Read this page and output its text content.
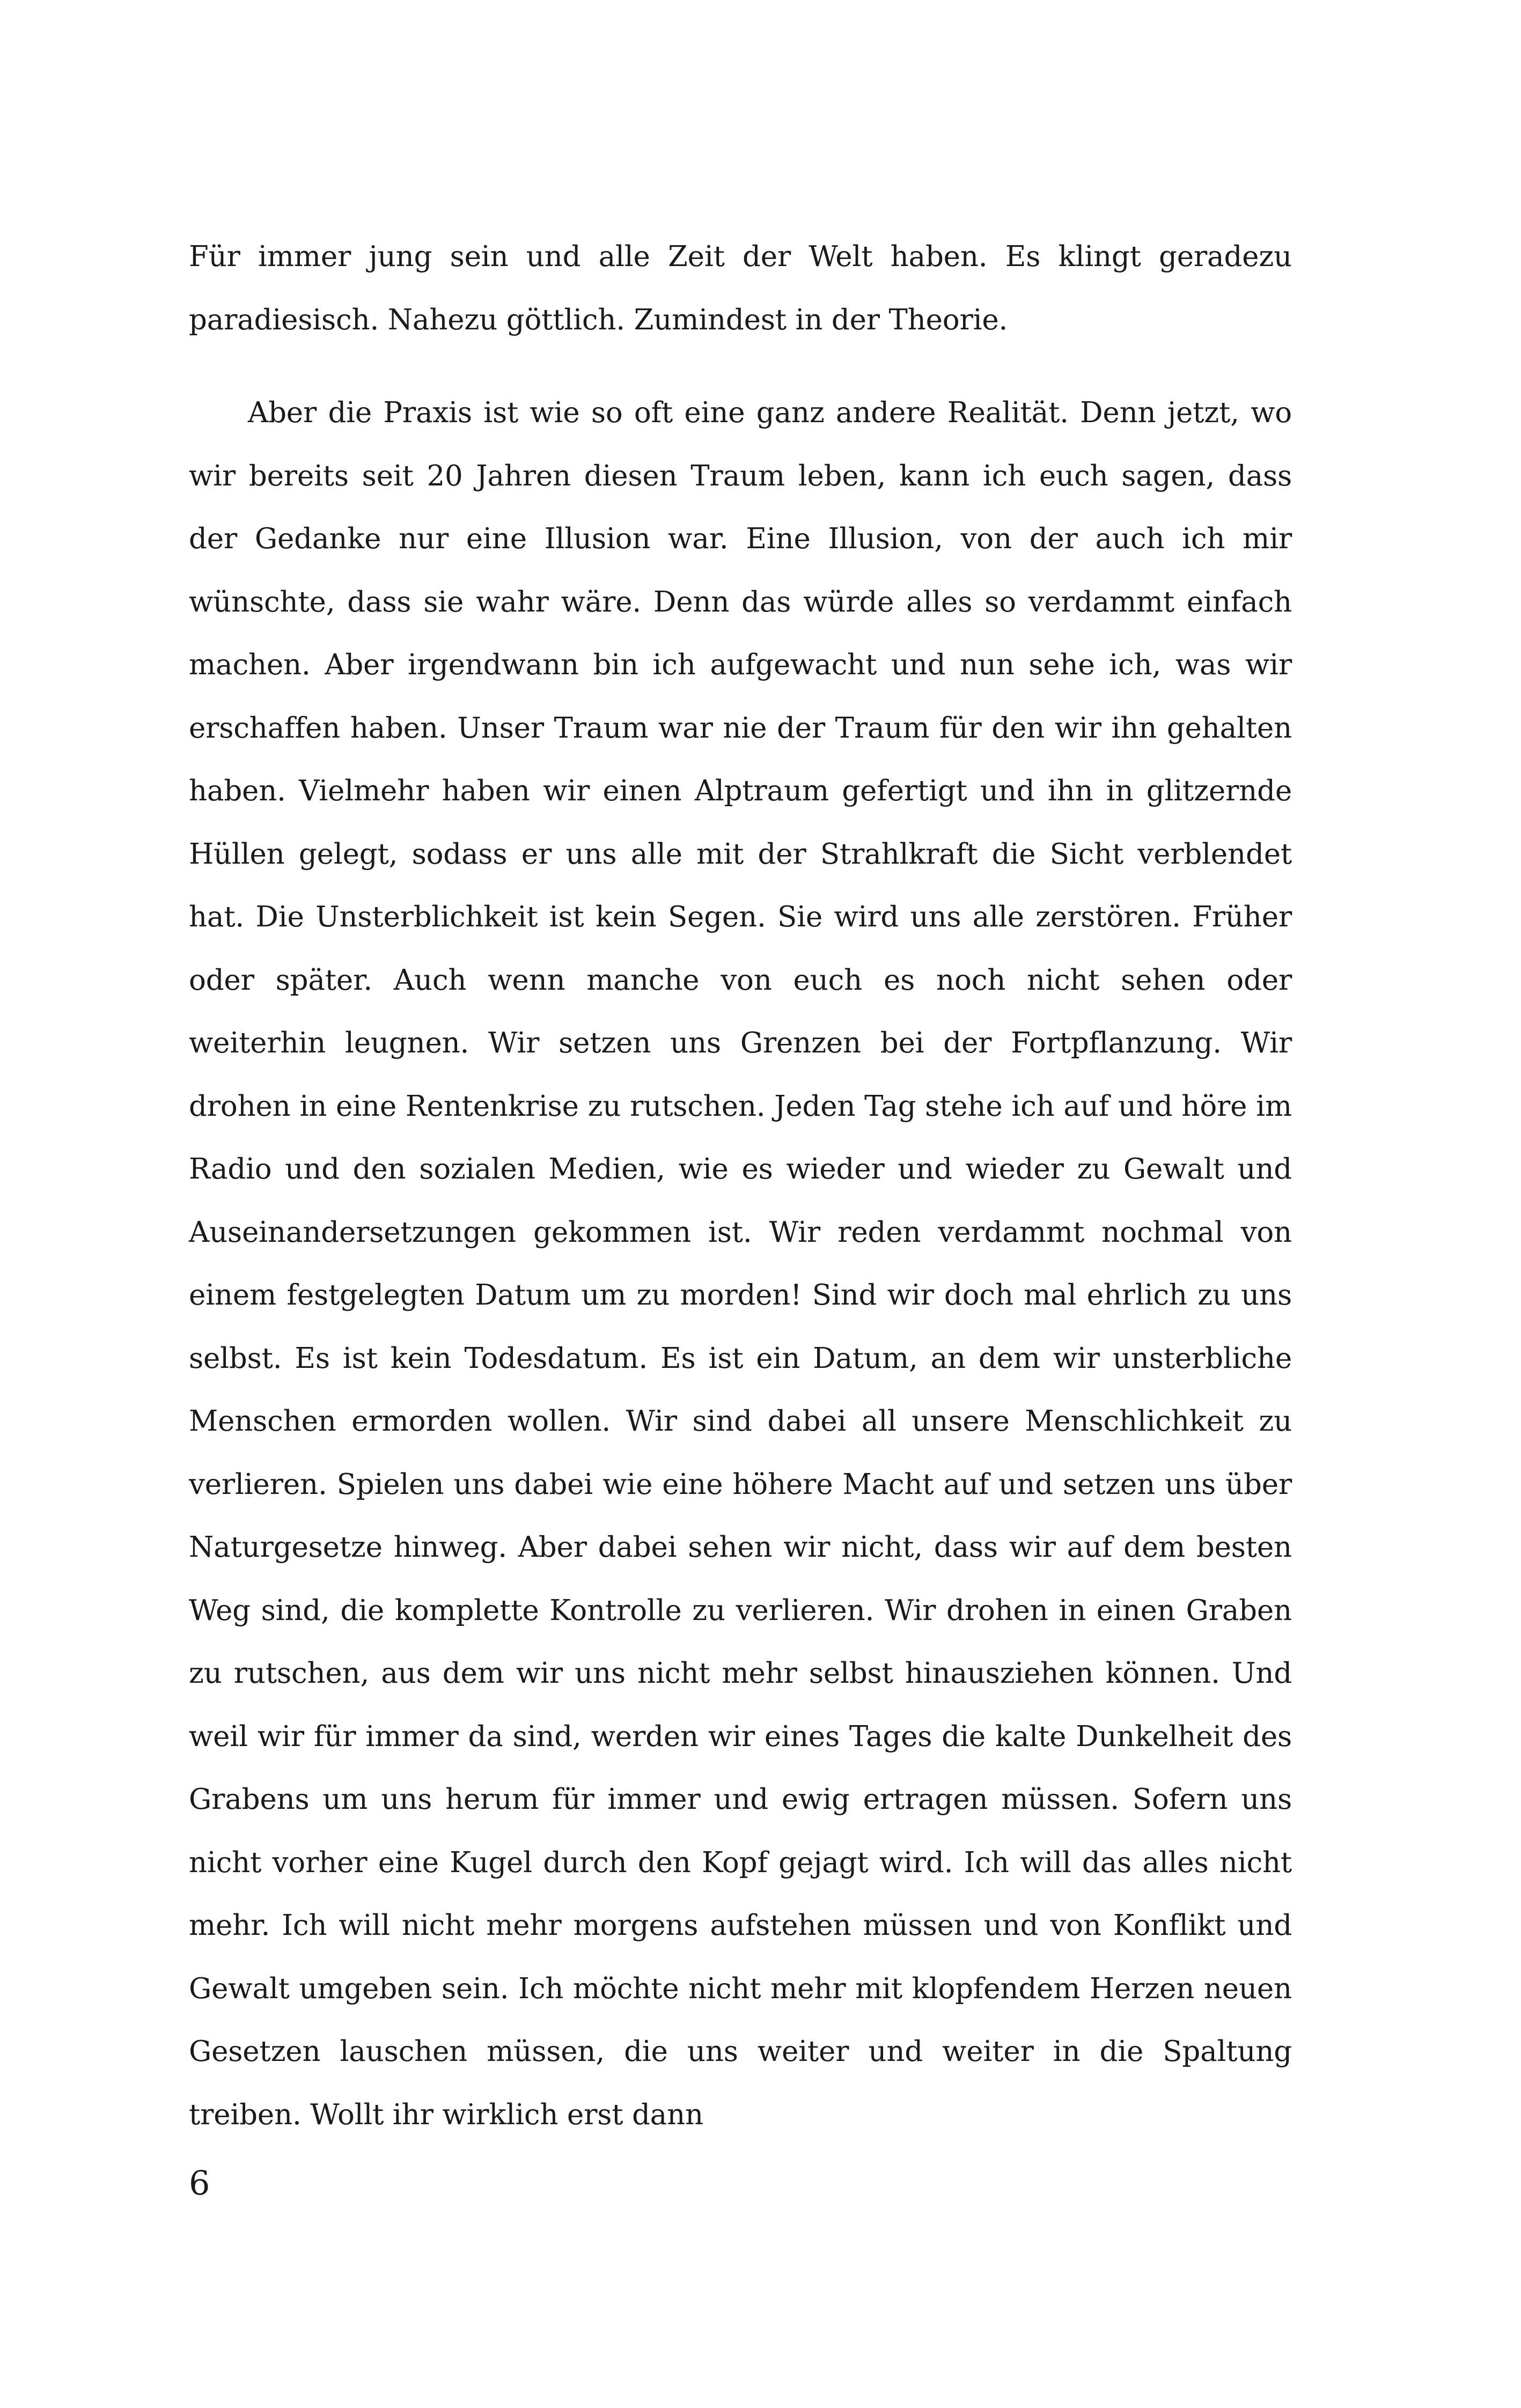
Für immer jung sein und alle Zeit der Welt haben. Es klingt geradezu paradiesisch. Nahezu göttlich. Zumindest in der Theorie.

Aber die Praxis ist wie so oft eine ganz andere Realität. Denn jetzt, wo wir bereits seit 20 Jahren diesen Traum leben, kann ich euch sagen, dass der Gedanke nur eine Illusion war. Eine Illusion, von der auch ich mir wünschte, dass sie wahr wäre. Denn das würde alles so verdammt einfach machen. Aber irgendwann bin ich aufgewacht und nun sehe ich, was wir erschaffen haben. Unser Traum war nie der Traum für den wir ihn gehalten haben. Vielmehr haben wir einen Alptraum gefertigt und ihn in glitzernde Hüllen gelegt, sodass er uns alle mit der Strahlkraft die Sicht verblendet hat. Die Unsterblichkeit ist kein Segen. Sie wird uns alle zerstören. Früher oder später. Auch wenn manche von euch es noch nicht sehen oder weiterhin leugnen. Wir setzen uns Grenzen bei der Fortpflanzung. Wir drohen in eine Rentenkrise zu rutschen. Jeden Tag stehe ich auf und höre im Radio und den sozialen Medien, wie es wieder und wieder zu Gewalt und Auseinandersetzungen gekommen ist. Wir reden verdammt nochmal von einem festgelegten Datum um zu morden! Sind wir doch mal ehrlich zu uns selbst. Es ist kein Todesdatum. Es ist ein Datum, an dem wir unsterbliche Menschen ermorden wollen. Wir sind dabei all unsere Menschlichkeit zu verlieren. Spielen uns dabei wie eine höhere Macht auf und setzen uns über Naturgesetze hinweg. Aber dabei sehen wir nicht, dass wir auf dem besten Weg sind, die komplette Kontrolle zu verlieren. Wir drohen in einen Graben zu rutschen, aus dem wir uns nicht mehr selbst hinausziehen können. Und weil wir für immer da sind, werden wir eines Tages die kalte Dunkelheit des Grabens um uns herum für immer und ewig ertragen müssen. Sofern uns nicht vorher eine Kugel durch den Kopf gejagt wird. Ich will das alles nicht mehr. Ich will nicht mehr morgens aufstehen müssen und von Konflikt und Gewalt umgeben sein. Ich möchte nicht mehr mit klopfendem Herzen neuen Gesetzen lauschen müssen, die uns weiter und weiter in die Spaltung treiben. Wollt ihr wirklich erst dann

6
